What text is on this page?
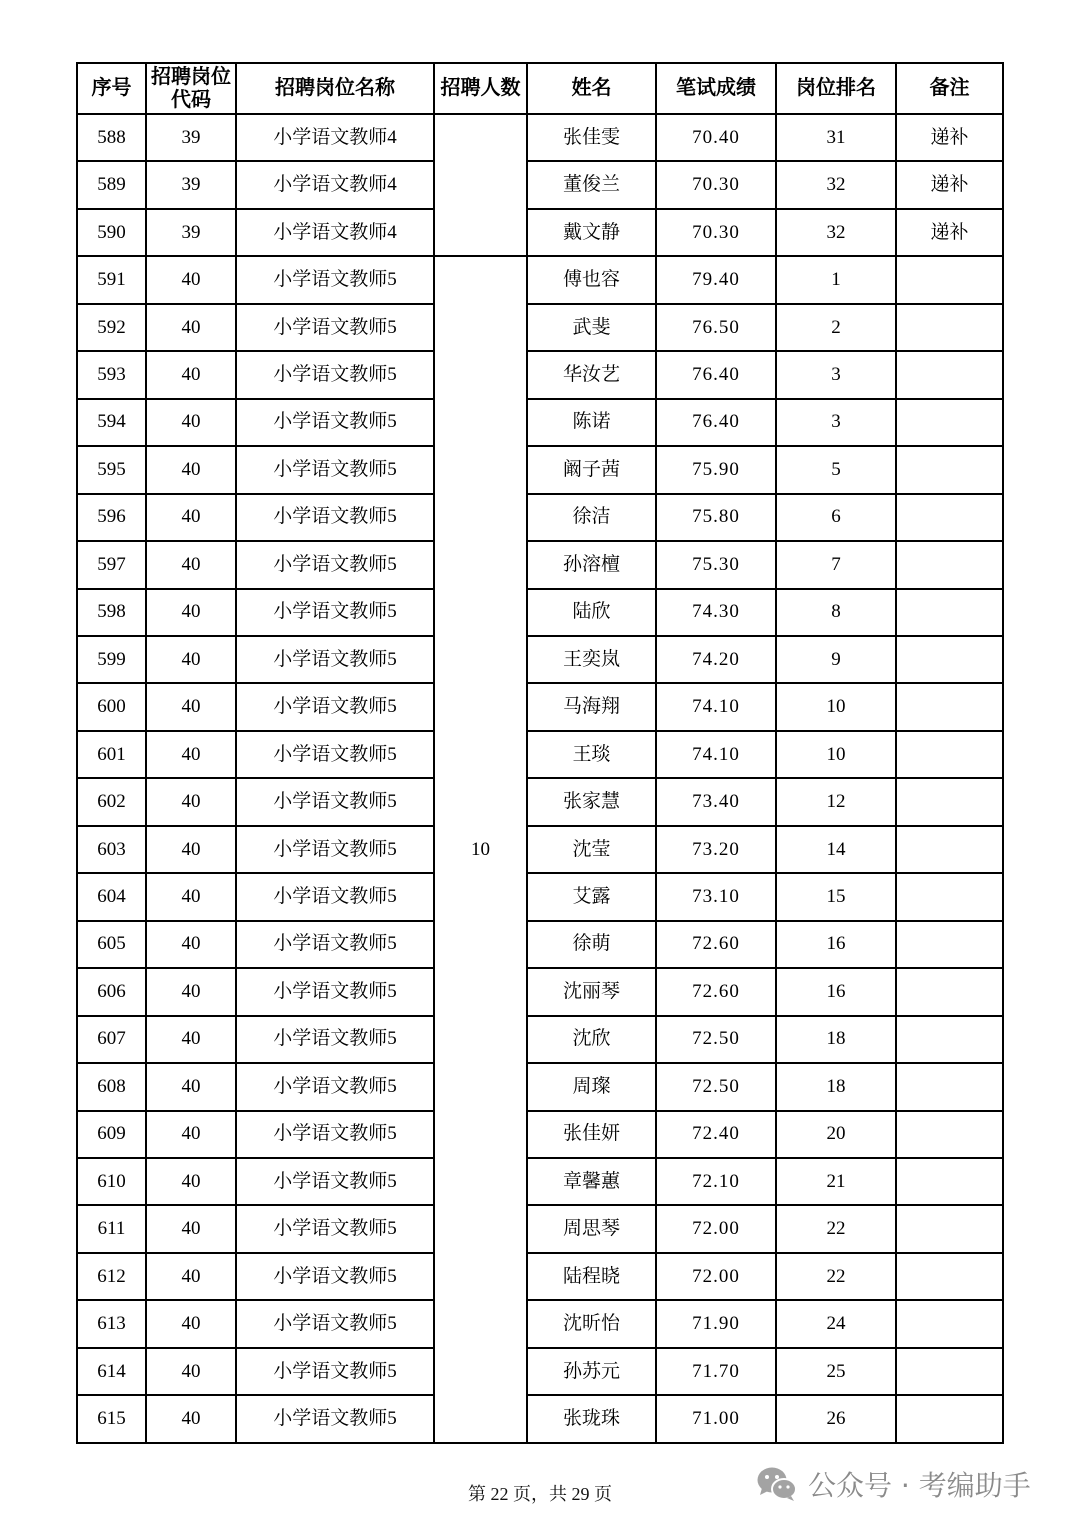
序号	招聘岗位代码	招聘岗位名称	招聘人数	姓名	笔试成绩	岗位排名	备注
588	39	小学语文教师4		张佳雯	70.40	31	递补
589	39	小学语文教师4		董俊兰	70.30	32	递补
590	39	小学语文教师4		戴文静	70.30	32	递补
591	40	小学语文教师5	10	傅也容	79.40	1	
592	40	小学语文教师5		武斐	76.50	2	
593	40	小学语文教师5		华汝艺	76.40	3	
594	40	小学语文教师5		陈诺	76.40	3	
595	40	小学语文教师5		阚子茜	75.90	5	
596	40	小学语文教师5		徐洁	75.80	6	
597	40	小学语文教师5		孙溶檀	75.30	7	
598	40	小学语文教师5		陆欣	74.30	8	
599	40	小学语文教师5		王奕岚	74.20	9	
600	40	小学语文教师5		马海翔	74.10	10	
601	40	小学语文教师5		王琰	74.10	10	
602	40	小学语文教师5		张家慧	73.40	12	
603	40	小学语文教师5		沈莹	73.20	14	
604	40	小学语文教师5		艾露	73.10	15	
605	40	小学语文教师5		徐萌	72.60	16	
606	40	小学语文教师5		沈丽琴	72.60	16	
607	40	小学语文教师5		沈欣	72.50	18	
608	40	小学语文教师5		周璨	72.50	18	
609	40	小学语文教师5		张佳妍	72.40	20	
610	40	小学语文教师5		章馨蕙	72.10	21	
611	40	小学语文教师5		周思琴	72.00	22	
612	40	小学语文教师5		陆程晓	72.00	22	
613	40	小学语文教师5		沈昕怡	71.90	24	
614	40	小学语文教师5		孙苏元	71.70	25	
615	40	小学语文教师5		张珑珠	71.00	26	
第 22 页，共 29 页	公众号 · 考编助手
